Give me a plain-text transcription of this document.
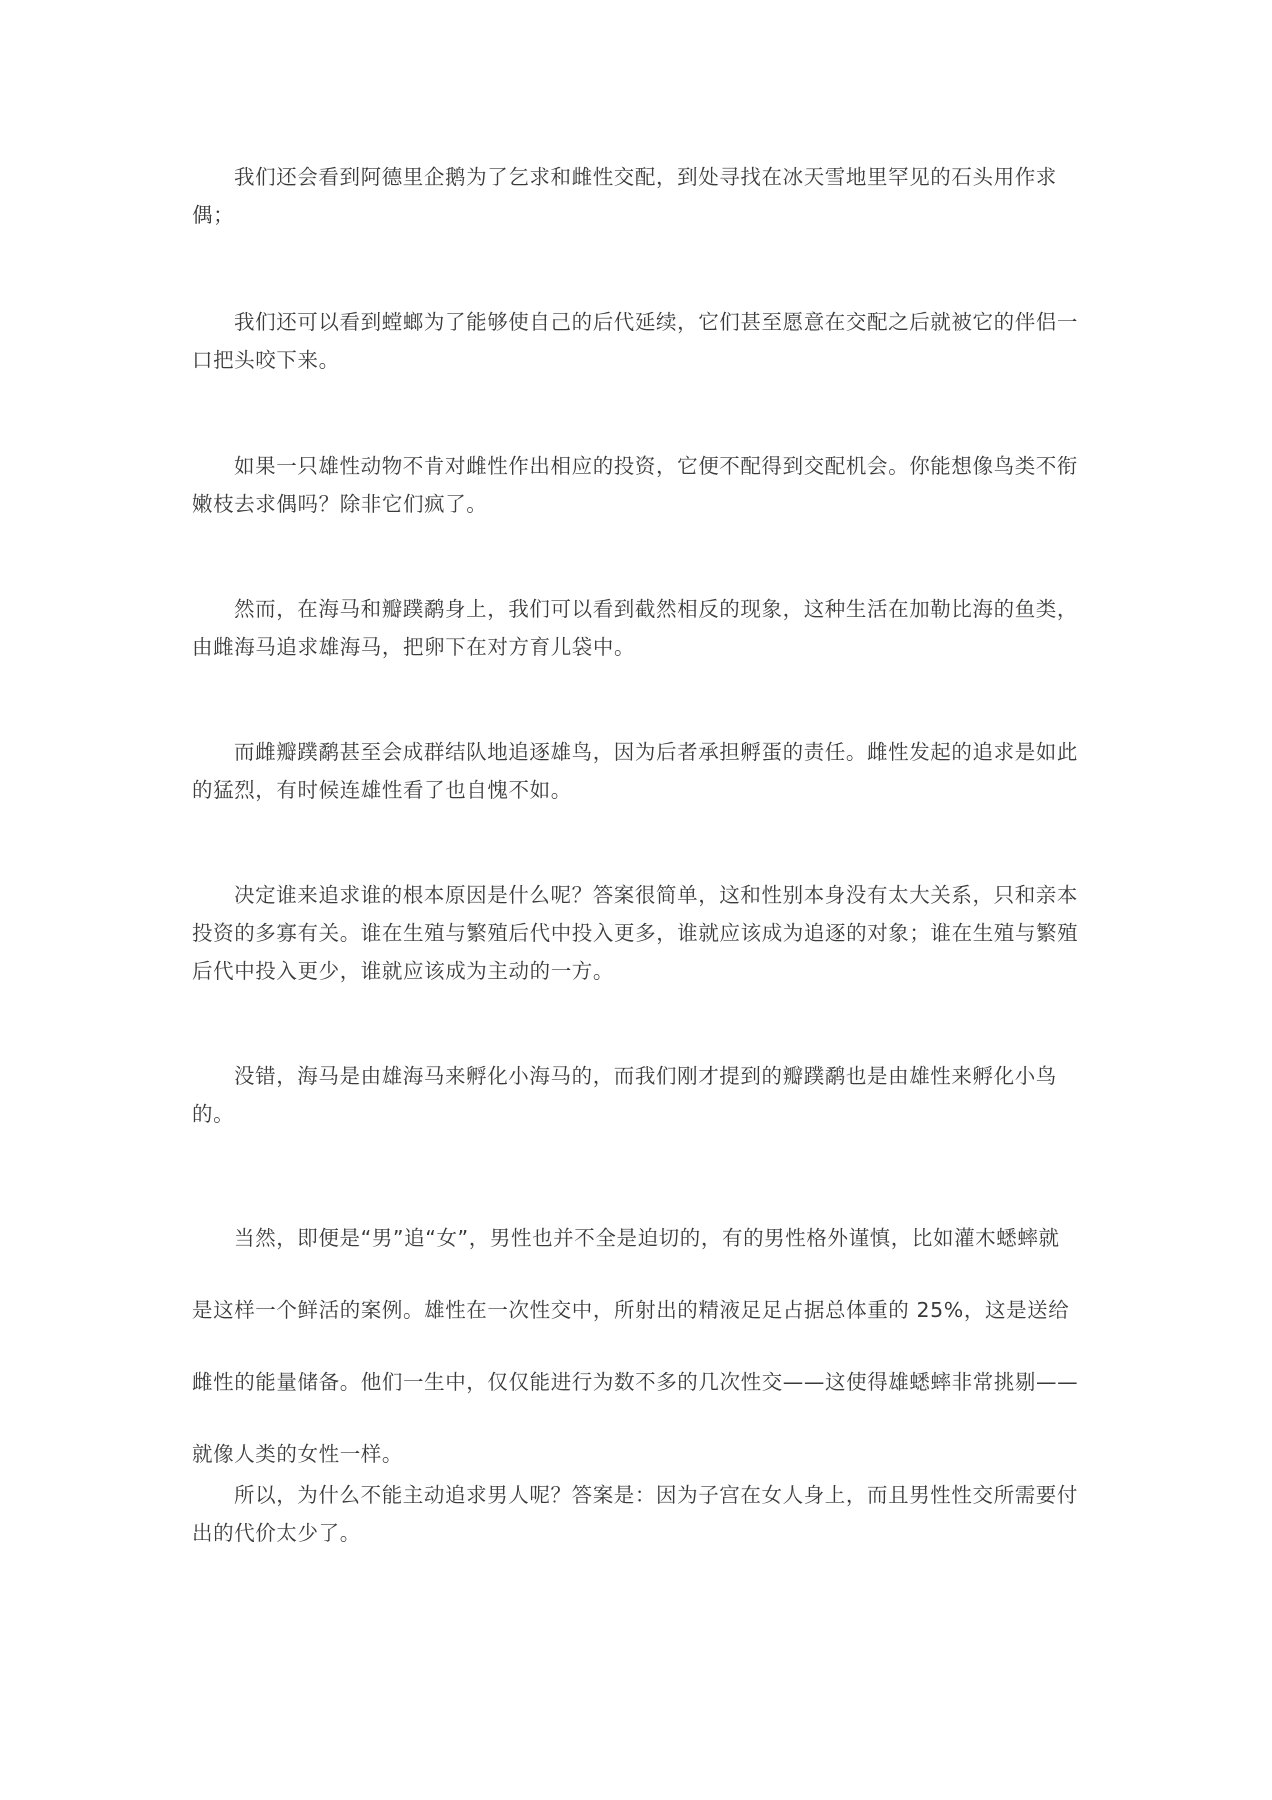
我们还会看到阿德里企鹅为了乞求和雌性交配，到处寻找在冰天雪地里罕见的石头用作求偶；

我们还可以看到螳螂为了能够使自己的后代延续，它们甚至愿意在交配之后就被它的伴侣一口把头咬下来。

如果一只雄性动物不肯对雌性作出相应的投资，它便不配得到交配机会。你能想像鸟类不衔嫩枝去求偶吗？除非它们疯了。

然而，在海马和瓣蹼鹬身上，我们可以看到截然相反的现象，这种生活在加勒比海的鱼类，由雌海马追求雄海马，把卵下在对方育儿袋中。

而雌瓣蹼鹬甚至会成群结队地追逐雄鸟，因为后者承担孵蛋的责任。雌性发起的追求是如此的猛烈，有时候连雄性看了也自愧不如。

决定谁来追求谁的根本原因是什么呢？答案很简单，这和性别本身没有太大关系，只和亲本投资的多寡有关。谁在生殖与繁殖后代中投入更多，谁就应该成为追逐的对象；谁在生殖与繁殖后代中投入更少，谁就应该成为主动的一方。

没错，海马是由雄海马来孵化小海马的，而我们刚才提到的瓣蹼鹬也是由雄性来孵化小鸟的。

当然，即便是“男”追“女”，男性也并不全是迫切的，有的男性格外谨慎，比如灌木蟋蟀就是这样一个鲜活的案例。雄性在一次性交中，所射出的精液足足占据总体重的 25%，这是送给雌性的能量储备。他们一生中，仅仅能进行为数不多的几次性交——这使得雄蟋蟀非常挑剔——就像人类的女性一样。

所以，为什么不能主动追求男人呢？答案是：因为子宫在女人身上，而且男性性交所需要付出的代价太少了。
